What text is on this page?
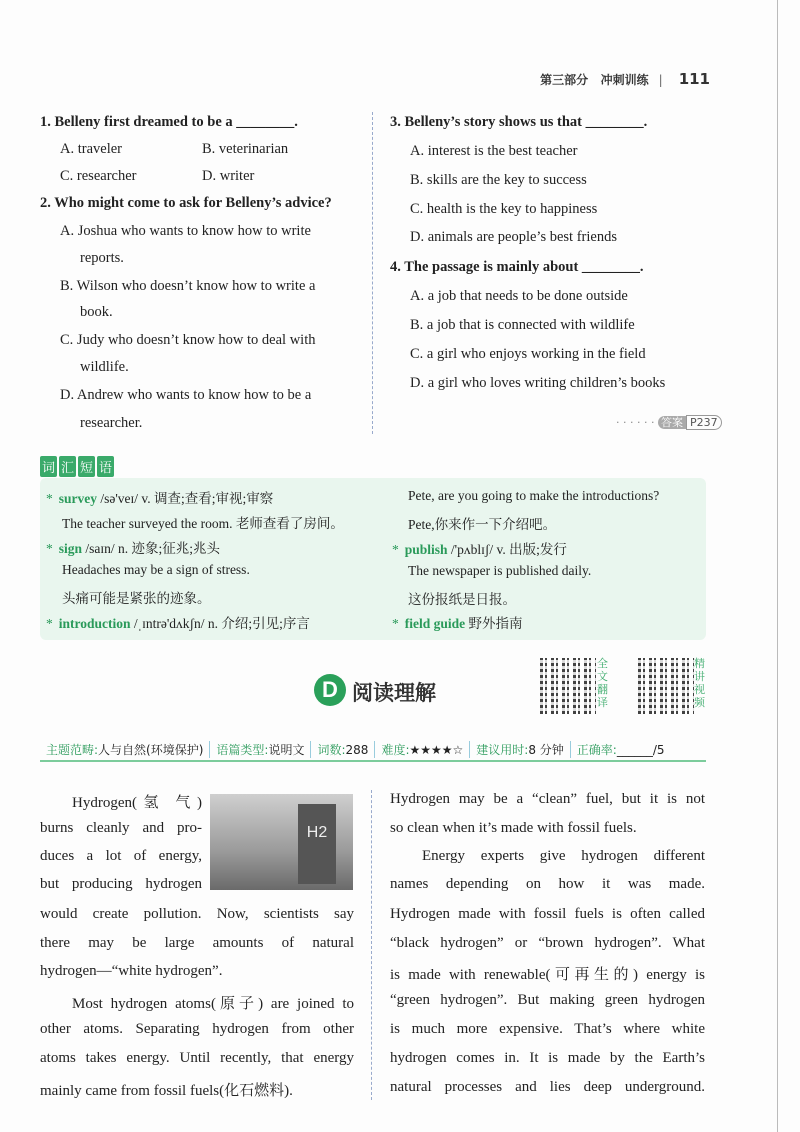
第三部分 冲刺训练 | 111
1. Belleny first dreamed to be a ________.
A. traveler	B. veterinarian
C. researcher	D. writer
2. Who might come to ask for Belleny’s advice?
A. Joshua who wants to know how to write
reports.
B. Wilson who doesn’t know how to write a
book.
C. Judy who doesn’t know how to deal with
wildlife.
D. Andrew who wants to know how to be a
researcher.
3. Belleny’s story shows us that ________.
A. interest is the best teacher
B. skills are the key to success
C. health is the key to happiness
D. animals are people’s best friends
4. The passage is mainly about ________.
A. a job that needs to be done outside
B. a job that is connected with wildlife
C. a girl who enjoys working in the field
D. a girl who loves writing children’s books
· · · · · · 答案 P237
词 汇 短 语
* survey /sə'veɪ/ v. 调查;查看;审视;审察
The teacher surveyed the room. 老师查看了房间。
* sign /saɪn/ n. 迹象;征兆;兆头
Headaches may be a sign of stress.
头痛可能是紧张的迹象。
* introduction /ˌɪntrə'dʌkʃn/ n. 介绍;引见;序言
Pete, are you going to make the introductions?
Pete,你来作一下介绍吧。
* publish /'pʌblɪʃ/ v. 出版;发行
The newspaper is published daily.
这份报纸是日报。
* field guide 野外指南
D 阅读理解
全
文
翻
译
精
讲
视
频
主题范畴:人与自然(环境保护)	语篇类型:说明文	词数:288	难度:★★★★☆	建议用时:8 分钟	正确率:______/5
H2
Hydrogen(氢 气)
burns cleanly and pro-
duces a lot of energy,
but producing hydrogen
would create pollution. Now, scientists say
there may be large amounts of natural
hydrogen—“white hydrogen”.
Most hydrogen atoms(原子) are joined to
other atoms. Separating hydrogen from other
atoms takes energy. Until recently, that energy
mainly came from fossil fuels(化石燃料).
Hydrogen may be a “clean” fuel, but it is not
so clean when it’s made with fossil fuels.
Energy experts give hydrogen different
names depending on how it was made.
Hydrogen made with fossil fuels is often called
“black hydrogen” or “brown hydrogen”. What
is made with renewable(可再生的) energy is
“green hydrogen”. But making green hydrogen
is much more expensive. That’s where white
hydrogen comes in. It is made by the Earth’s
natural processes and lies deep underground.
